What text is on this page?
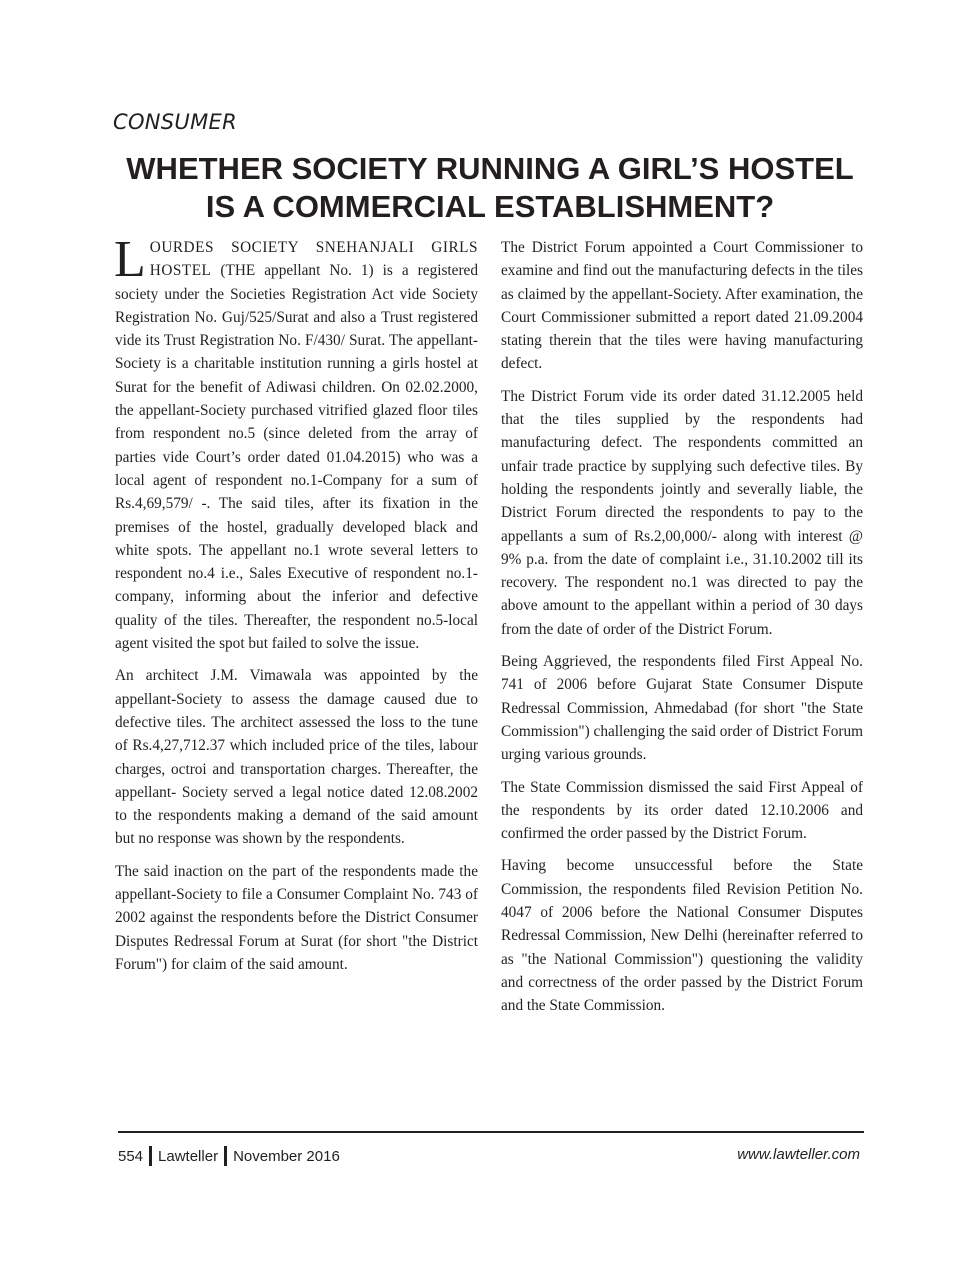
CONSUMER
WHETHER SOCIETY RUNNING A GIRL’S HOSTEL
IS A COMMERCIAL ESTABLISHMENT?

LOURDES SOCIETY SNEHANJALI GIRLS HOSTEL (THE appellant No. 1) is a registered society under the Societies Registration Act vide Society Registration No. Guj/525/Surat and also a Trust registered vide its Trust Registration No. F/430/ Surat. The appellant-Society is a charitable institution running a girls hostel at Surat for the benefit of Adiwasi children. On 02.02.2000, the appellant-Society purchased vitrified glazed floor tiles from respondent no.5 (since deleted from the array of parties vide Court’s order dated 01.04.2015) who was a local agent of respondent no.1-Company for a sum of Rs.4,69,579/ -. The said tiles, after its fixation in the premises of the hostel, gradually developed black and white spots. The appellant no.1 wrote several letters to respondent no.4 i.e., Sales Executive of respondent no.1-company, informing about the inferior and defective quality of the tiles. Thereafter, the respondent no.5-local agent visited the spot but failed to solve the issue.

An architect J.M. Vimawala was appointed by the appellant-Society to assess the damage caused due to defective tiles. The architect assessed the loss to the tune of Rs.4,27,712.37 which included price of the tiles, labour charges, octroi and transportation charges. Thereafter, the appellant- Society served a legal notice dated 12.08.2002 to the respondents making a demand of the said amount but no response was shown by the respondents.

The said inaction on the part of the respondents made the appellant-Society to file a Consumer Complaint No. 743 of 2002 against the respondents before the District Consumer Disputes Redressal Forum at Surat (for short "the District Forum") for claim of the said amount.

The District Forum appointed a Court Commissioner to examine and find out the manufacturing defects in the tiles as claimed by the appellant-Society. After examination, the Court Commissioner submitted a report dated 21.09.2004 stating therein that the tiles were having manufacturing defect.

The District Forum vide its order dated 31.12.2005 held that the tiles supplied by the respondents had manufacturing defect. The respondents committed an unfair trade practice by supplying such defective tiles. By holding the respondents jointly and severally liable, the District Forum directed the respondents to pay to the appellants a sum of Rs.2,00,000/- along with interest @ 9% p.a. from the date of complaint i.e., 31.10.2002 till its recovery. The respondent no.1 was directed to pay the above amount to the appellant within a period of 30 days from the date of order of the District Forum.

Being Aggrieved, the respondents filed First Appeal No. 741 of 2006 before Gujarat State Consumer Dispute Redressal Commission, Ahmedabad (for short "the State Commission") challenging the said order of District Forum urging various grounds.

The State Commission dismissed the said First Appeal of the respondents by its order dated 12.10.2006 and confirmed the order passed by the District Forum.

Having become unsuccessful before the State Commission, the respondents filed Revision Petition No. 4047 of 2006 before the National Consumer Disputes Redressal Commission, New Delhi (hereinafter referred to as "the National Commission") questioning the validity and correctness of the order passed by the District Forum and the State Commission.

554 Lawteller November 2016	www.lawteller.com
